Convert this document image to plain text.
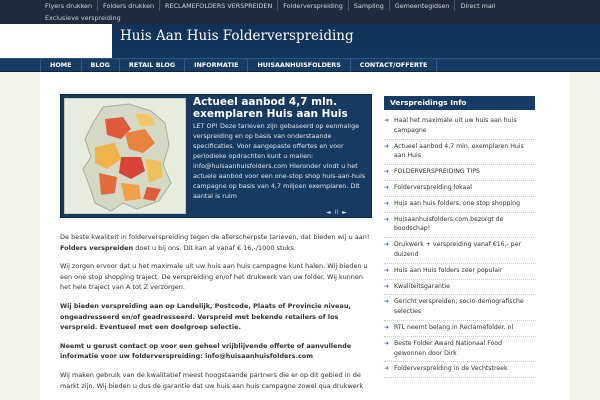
Flyers drukken	Folders drukken	RECLAMEFOLDERS VERSPREIDEN	Folderverspreiding	Sampling	Gemeentegidsen	Direct mail
Exclusieve verspreiding
Huis Aan Huis Folderverspreiding
HOME	BLOG	RETAIL BLOG	INFORMATIE	HUISAANHUISFOLDERS	CONTACT/OFFERTE
Actueel aanbod 4,7 mln. exemplaren Huis aan Huis
LET OP! Deze tarieven zijn gebaseerd op eenmalige verspreiding en op basis van onderstaande specificaties. Voor aangepaste offertes en voor periodieke opdrachten kunt u mailen: info@huisaanhuisfolders.com Hieronder vindt u het actuele aanbod voor een one-stop shop huis-aan-huis campagne op basis van 4,7 miljoen exemplaren. Dit aantal is ruim
◄ II ►

De beste kwaliteit in folderverspreiding tegen de allerscherpste tarieven, dat bieden wij u aan! Folders verspreiden doet u bij ons. Dit kan al vanaf € 16,-/1000 stuks.

Wij zorgen ervoor dat u het maximale uit uw huis aan huis campagne kunt halen. Wij bieden u een one stop shopping traject. De verspreiding en/of het drukwerk van uw folder. Wij kunnen het hele traject van A tot Z verzorgen.

Wij bieden verspreiding aan op Landelijk, Postcode, Plaats of Provincie niveau, ongeadresseerd en/of geadresseerd. Verspreid met bekende retailers of los verspreid. Eventueel met een doelgroep selectie.

Neemt u gerust contact op voor een geheel vrijblijvende offerte of aanvullende informatie voor uw folderverspreiding: info@huisaanhuisfolders.com

Wij maken gebruik van de kwalitatief meest hoogstaande partners die er op dit gebied in de markt zijn. Wij bieden u dus de garantie dat uw huis aan huis campagne zowel qua drukwerk

Verspreidings Info
➜ Haal het maximale uit uw huis aan huis campagne
➜ Actueel aanbod 4,7 mln. exemplaren Huis aan Huis
➜ FOLDERVERSPREIDING TIPS
➜ Folderverspreiding lokaal
➜ Huis aan huis folders, one stop shopping
➜ Huisaanhuisfolders.com bezorgt de boodschap!
➜ Drukwerk + verspreiding vanaf €16,- per duizend
➜ Huis aan Huis folders zeer populair
➜ Kwaliteitsgarantie
➜ Gericht verspreiden; socio-demografische selecties
➜ RTL neemt belang in Reclamefolder. nl
➜ Beste Folder Award Nationaal Food gewonnen door Dirk
➜ Folderverspreiding in de Vechtstreek
